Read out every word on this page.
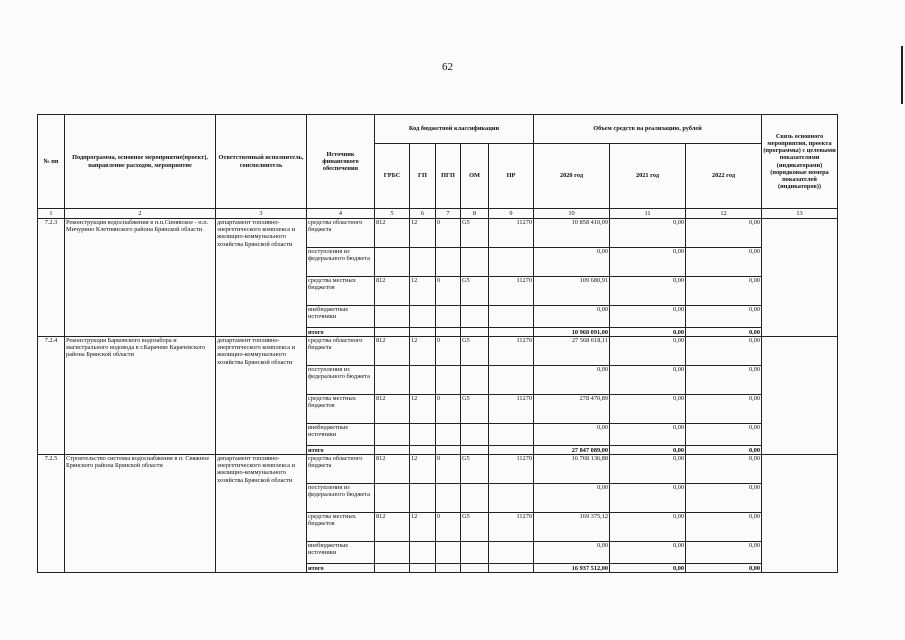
62
№ пп	Подпрограмма, основное мероприятие(проект), направление расходов, мероприятие	Ответственный исполнитель, соисполнитель	Источник финансового обеспечения	Код бюджетной классификации					Объем средств на реализацию, рублей			Связь основного мероприятия, проекта (программы) с целевыми показателями (индикаторами) (порядковые номера показателей (индикаторов))
				ГРБС	ГП	ПГП	ОМ	НР	2020 год	2021 год	2022 год	
1	2	3	4	5	6	7	8	9	10	11	12	13
7.2.3	Реконструкция водоснабжения в н.п.Синявское - н.п. Мичурино Клетнянского района Брянской области	департамент топливно-энергетического комплекса и жилищно-коммунального хозяйства Брянской области	средства областного бюджета	812	12	0	G5	11270	10 858 410,09	0,00	0,00	
			поступления из федерального бюджета						0,00	0,00	0,00	
			средства местных бюджетов	812	12	0	G5	11270	109 680,91	0,00	0,00	
			внебюджетные источники						0,00	0,00	0,00	
			итого						10 968 091,00	0,00	0,00	
7.2.4	Реконструкция Барковского водозабора и магистрального водовода в г.Карачеве Карачевского района Брянской области	департамент топливно-энергетического комплекса и жилищно-коммунального хозяйства Брянской области	средства областного бюджета	812	12	0	G5	11270	27 568 618,11	0,00	0,00	
			поступления из федерального бюджета						0,00	0,00	0,00	
			средства местных бюджетов	812	12	0	G5	11270	278 470,89	0,00	0,00	
			внебюджетные источники						0,00	0,00	0,00	
			итого						27 847 089,00	0,00	0,00	
7.2.5	Строительство системы водоснабжения в п. Свяжное Брянского района Брянской области	департамент топливно-энергетического комплекса и жилищно-коммунального хозяйства Брянской области	средства областного бюджета	812	12	0	G5	11270	16 768 136,88	0,00	0,00	
			поступления из федерального бюджета						0,00	0,00	0,00	
			средства местных бюджетов	812	12	0	G5	11270	169 375,12	0,00	0,00	
			внебюджетные источники						0,00	0,00	0,00	
			итого						16 937 512,00	0,00	0,00	
